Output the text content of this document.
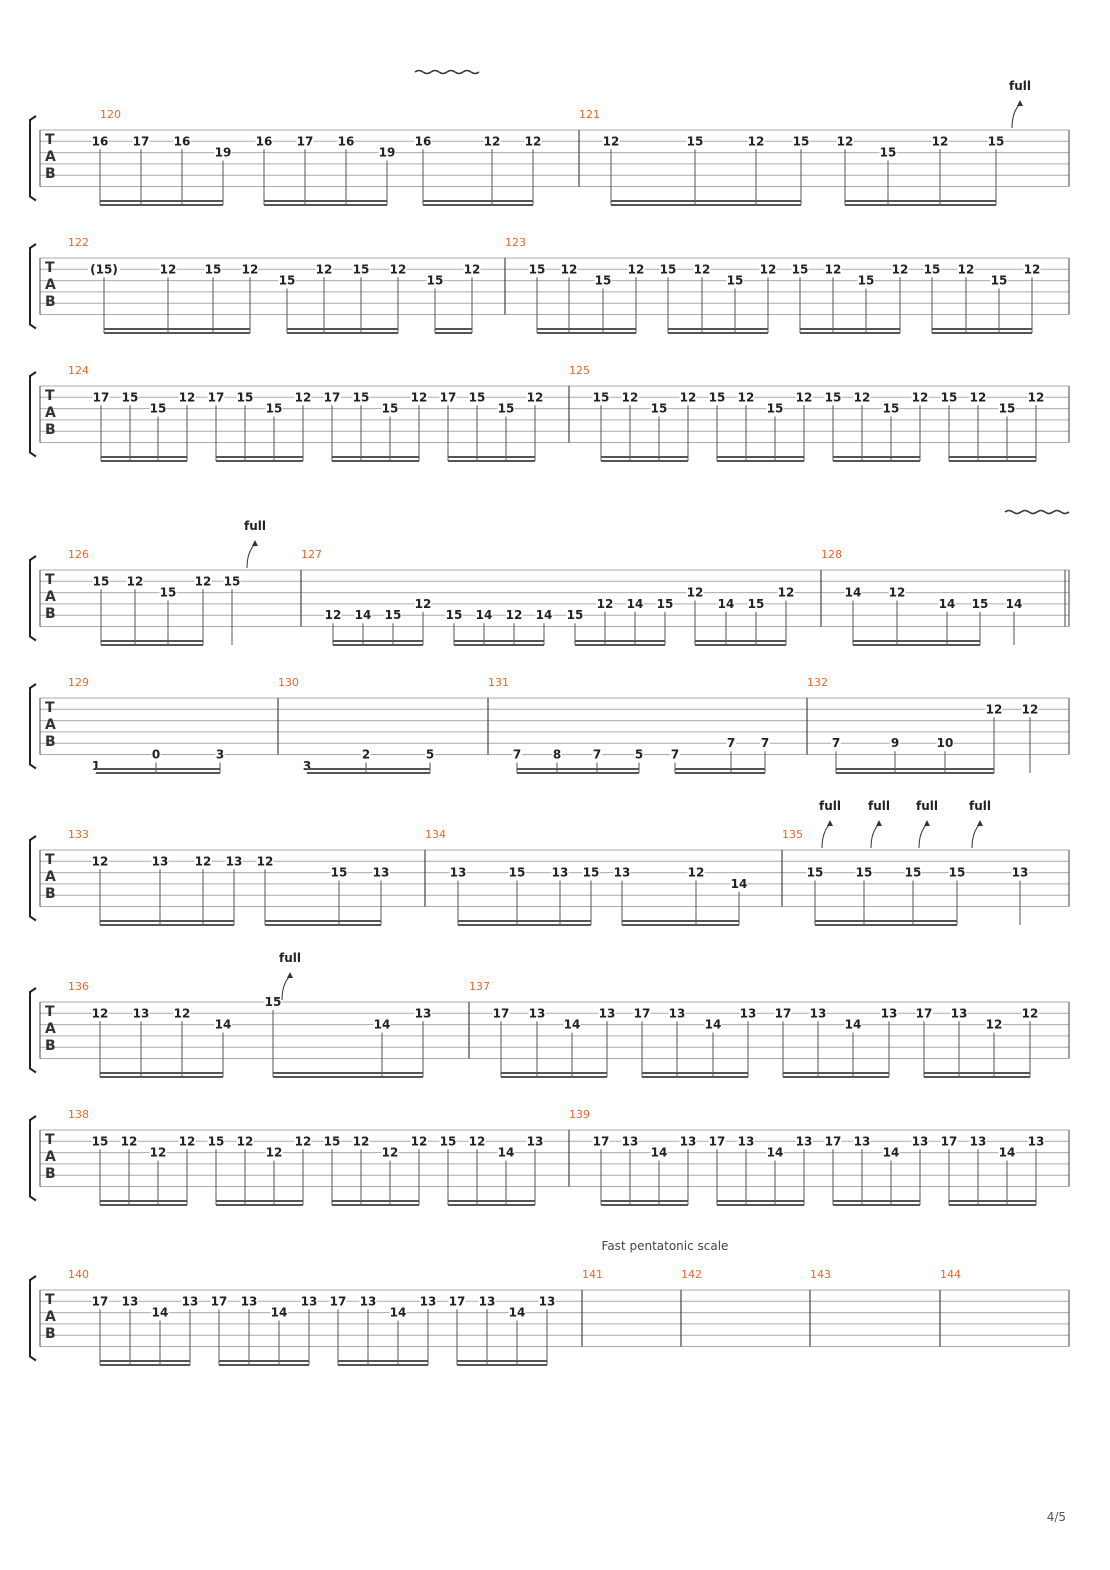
T
A
B
120
16 17 16
19
16 17 16
19
16	12 12
121
12	15	12 15 12
15
12	15
T
A
B
122
(15)	12 15 12
15
12 15 12
15
12
123
15 12
15
12 15 12
15
12 15 12
15
12 15 12
15
12
T
A
B
124
17 15
15
12 17 15
15
12 17 15
15
12 17 15
15
12
125
15 12
15
12 15 12
15
12 15 12
15
12 15 12
15
12
T
A
B
126
15 12
15
12 15
127
12 14 15
12
15 14 12 14 15
12 14 15
12
14 15
12
128
14 12
14 15 14
T
A
B
129
1
0	3
130
3
2	5
131
7	8	7	5 7
7 7
132
7	9	10
12 12
T
A
B
133
12	13 12 13 12
15 13
134
13	15 13 15 13	12
14
135
15	15	15 15	13
T
A
B
136
12 13 12
14
15
14
13
137
17 13
14
13 17 13
14
13 17 13
14
13 17 13
12
12
T
A
B
138
15 12
12
12 15 12
12
12 15 12
12
12 15 12
14
13
139
17 13
14
13 17 13
14
13 17 13
14
13 17 13
14
13
T
A
B
140
17 13
14
13 17 13
14
13 17 13
14
13 17 13
14
13
141	142	143	144
full
full
full full full	full
full
Fast pentatonic scale
4/5
